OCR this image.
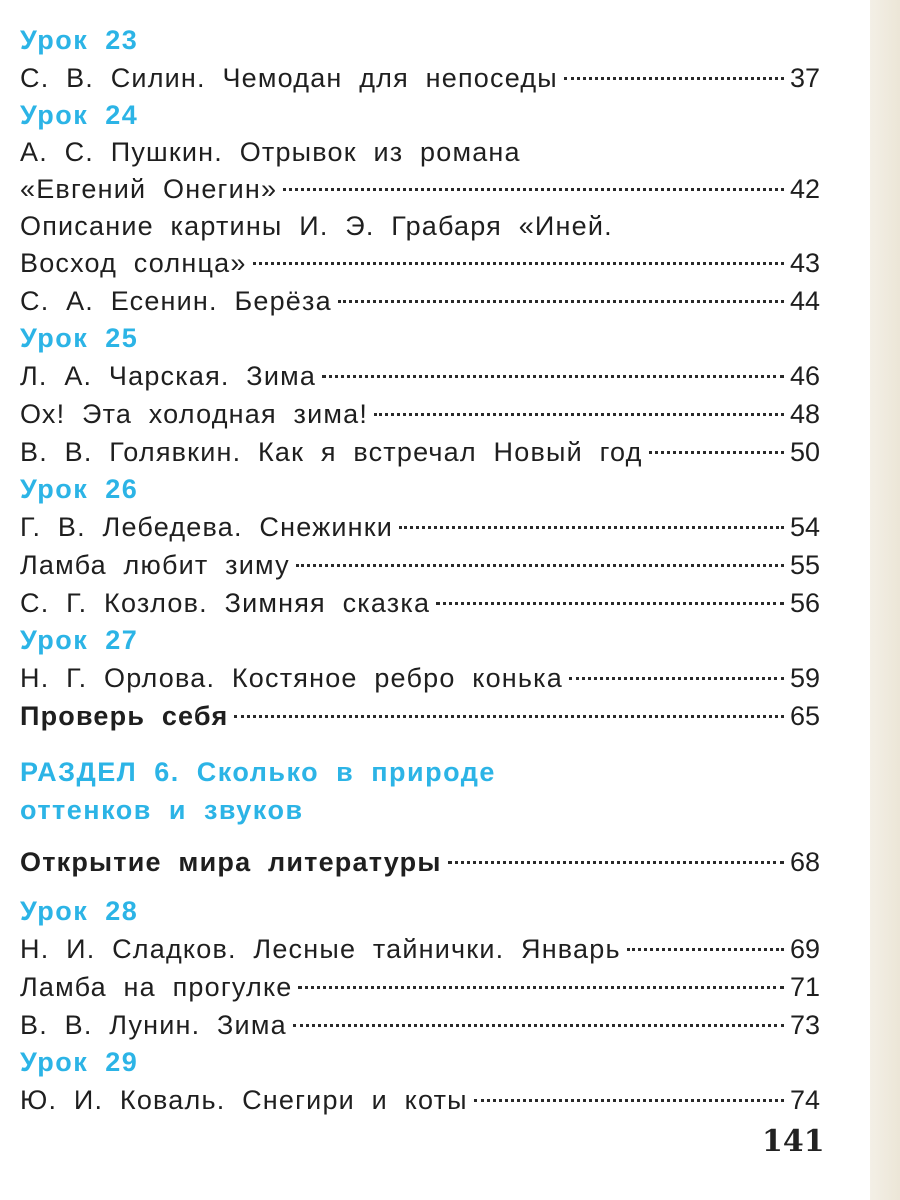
Урок 23
С. В. Силин. Чемодан для непоседы	37
Урок 24
А. С. Пушкин. Отрывок из романа
«Евгений Онегин»	42
Описание картины И. Э. Грабаря «Иней.
Восход солнца»	43
С. А. Есенин. Берёза	44
Урок 25
Л. А. Чарская. Зима	46
Ох! Эта холодная зима!	48
В. В. Голявкин. Как я встречал Новый год	50
Урок 26
Г. В. Лебедева. Снежинки	54
Ламба любит зиму	55
С. Г. Козлов. Зимняя сказка	56
Урок 27
Н. Г. Орлова. Костяное ребро конька	59
Проверь себя	65
РАЗДЕЛ 6. Сколько в природе
оттенков и звуков
Открытие мира литературы	68
Урок 28
Н. И. Сладков. Лесные тайнички. Январь	69
Ламба на прогулке	71
В. В. Лунин. Зима	73
Урок 29
Ю. И. Коваль. Снегири и коты	74
141
